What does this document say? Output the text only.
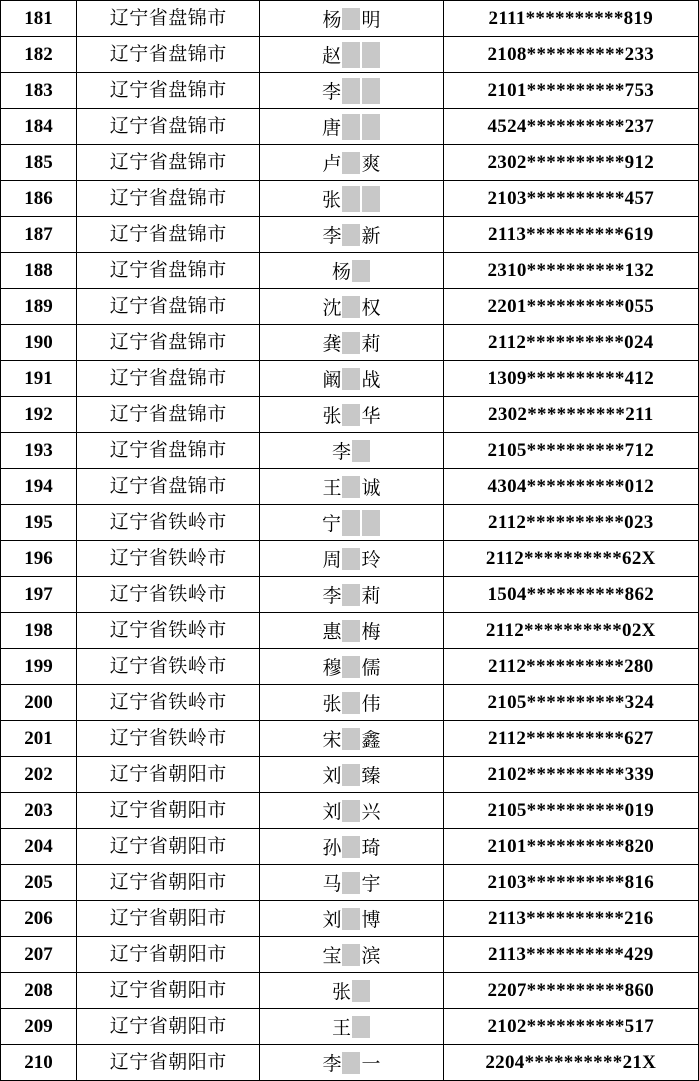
181	辽宁省盘锦市	杨 明	2111**********819
182	辽宁省盘锦市	赵	2108**********233
183	辽宁省盘锦市	李	2101**********753
184	辽宁省盘锦市	唐	4524**********237
185	辽宁省盘锦市	卢 爽	2302**********912
186	辽宁省盘锦市	张	2103**********457
187	辽宁省盘锦市	李 新	2113**********619
188	辽宁省盘锦市	杨	2310**********132
189	辽宁省盘锦市	沈 权	2201**********055
190	辽宁省盘锦市	龚 莉	2112**********024
191	辽宁省盘锦市	阚 战	1309**********412
192	辽宁省盘锦市	张 华	2302**********211
193	辽宁省盘锦市	李	2105**********712
194	辽宁省盘锦市	王 诚	4304**********012
195	辽宁省铁岭市	宁	2112**********023
196	辽宁省铁岭市	周 玲	2112**********62X
197	辽宁省铁岭市	李 莉	1504**********862
198	辽宁省铁岭市	惠 梅	2112**********02X
199	辽宁省铁岭市	穆 儒	2112**********280
200	辽宁省铁岭市	张 伟	2105**********324
201	辽宁省铁岭市	宋 鑫	2112**********627
202	辽宁省朝阳市	刘 臻	2102**********339
203	辽宁省朝阳市	刘 兴	2105**********019
204	辽宁省朝阳市	孙 琦	2101**********820
205	辽宁省朝阳市	马 宇	2103**********816
206	辽宁省朝阳市	刘 博	2113**********216
207	辽宁省朝阳市	宝 滨	2113**********429
208	辽宁省朝阳市	张	2207**********860
209	辽宁省朝阳市	王	2102**********517
210	辽宁省朝阳市	李 一	2204**********21X
